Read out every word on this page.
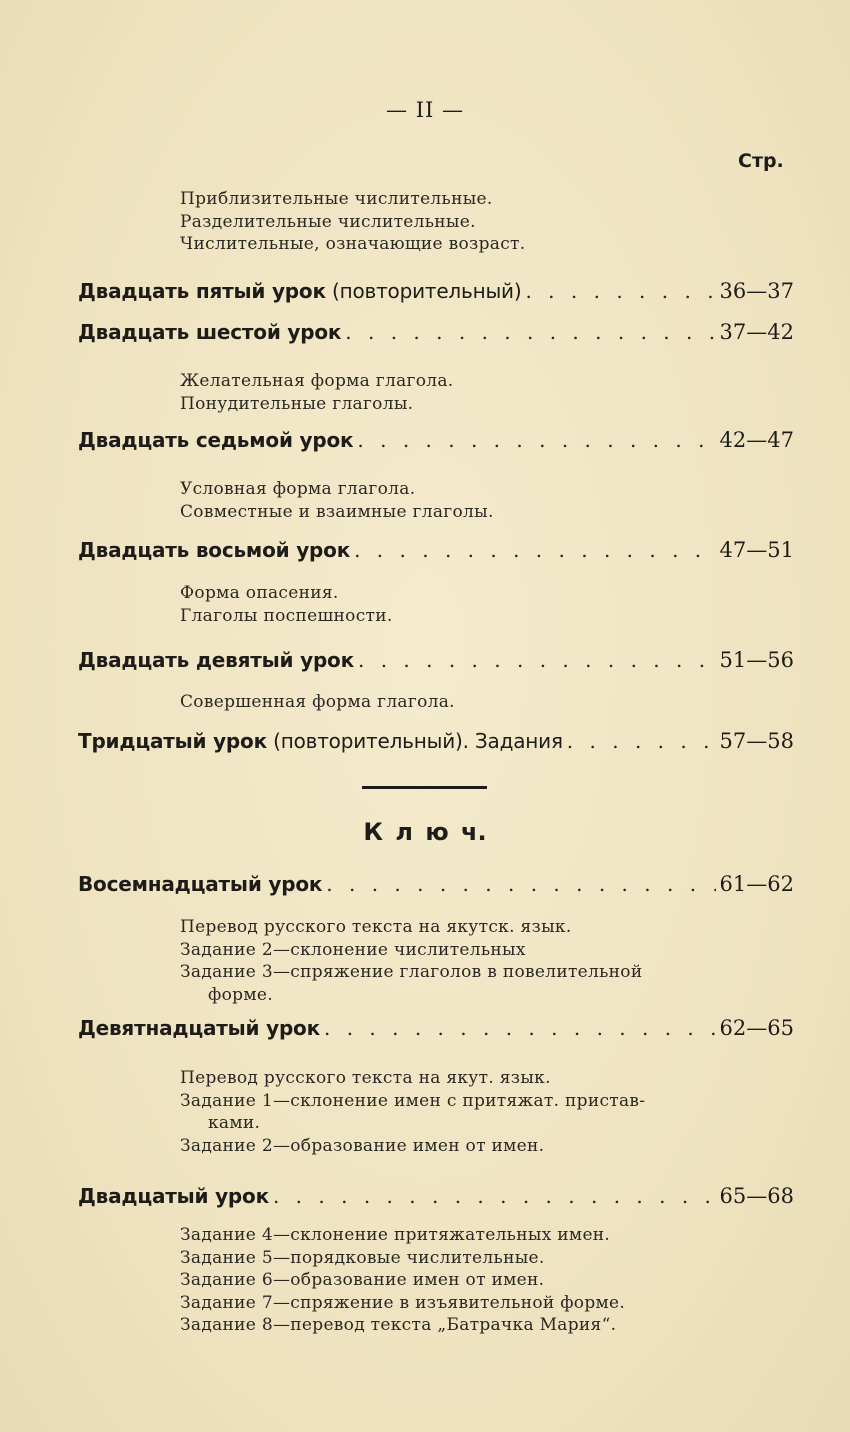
— II —
Стр.
Приблизительные числительные.
Разделительные числительные.
Числительные, означающие возраст.
Двадцать пятый урок (повторительный) . . .	36—37
Двадцать шестой урок . . .	37—42
Желательная форма глагола.
Понудительные глаголы.
Двадцать седьмой урок . . .	42—47
Условная форма глагола.
Совместные и взаимные глаголы.
Двадцать восьмой урок . . .	47—51
Форма опасения.
Глаголы поспешности.
Двадцать девятый урок . . .	51—56
Совершенная форма глагола.
Тридцатый урок (повторительный). Задания . . .	57—58
К л ю ч.
Восемнадцатый урок . . .	61—62
Перевод русского текста на якутск. язык.
Задание 2—склонение числительных
Задание 3—спряжение глаголов в повелительной
форме.
Девятнадцатый урок . . .	62—65
Перевод русского текста на якут. язык.
Задание 1—склонение имен с притяжат. пристав-
ками.
Задание 2—образование имен от имен.
Двадцатый урок . . .	65—68
Задание 4—склонение притяжательных имен.
Задание 5—порядковые числительные.
Задание 6—образование имен от имен.
Задание 7—спряжение в изъявительной форме.
Задание 8—перевод текста „Батрачка Мария“.
